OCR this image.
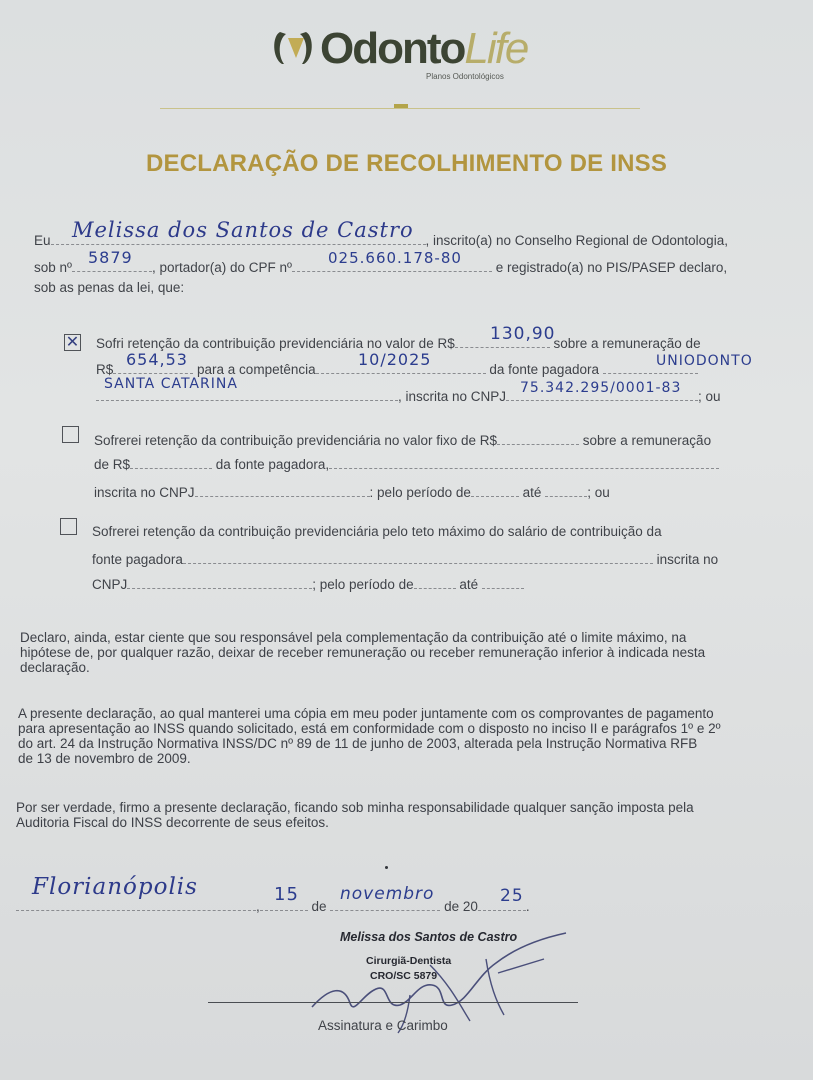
OdontoLife
Planos Odontológicos
DECLARAÇÃO DE RECOLHIMENTO DE INSS
Eu	, inscrito(a) no Conselho Regional de Odontologia,
Melissa dos Santos de Castro
sob nº	, portador(a) do CPF nº	e registrado(a) no PIS/PASEP declaro,
5879	025.660.178-80
sob as penas da lei, que:
✕ Sofri retenção da contribuição previdenciária no valor de R$	sobre a remuneração de
130,90
R$	para a competência	da fonte pagadora
654,53	10/2025	UNIODONTO
, inscrita no CNPJ	; ou
SANTA CATARINA	75.342.295/0001-83
Sofrerei retenção da contribuição previdenciária no valor fixo de R$	sobre a remuneração
de R$	da fonte pagadora,
inscrita no CNPJ	: pelo período de	até	; ou
Sofrerei retenção da contribuição previdenciária pelo teto máximo do salário de contribuição da
fonte pagadora	inscrita no
CNPJ	; pelo período de	até
Declaro, ainda, estar ciente que sou responsável pela complementação da contribuição até o limite máximo, na
hipótese de, por qualquer razão, deixar de receber remuneração ou receber remuneração inferior à indicada nesta
declaração.
A presente declaração, ao qual manterei uma cópia em meu poder juntamente com os comprovantes de pagamento
para apresentação ao INSS quando solicitado, está em conformidade com o disposto no inciso II e parágrafos 1º e 2º
do art. 24 da Instrução Normativa INSS/DC nº 89 de 11 de junho de 2003, alterada pela Instrução Normativa RFB
de 13 de novembro de 2009.
Por ser verdade, firmo a presente declaração, ficando sob minha responsabilidade qualquer sanção imposta pela
Auditoria Fiscal do INSS decorrente de seus efeitos.
,	de	de 20	.
Florianópolis	15 novembro	25
Melissa dos Santos de Castro
Cirurgiã-Dentista
CRO/SC 5879
Assinatura e Carimbo
